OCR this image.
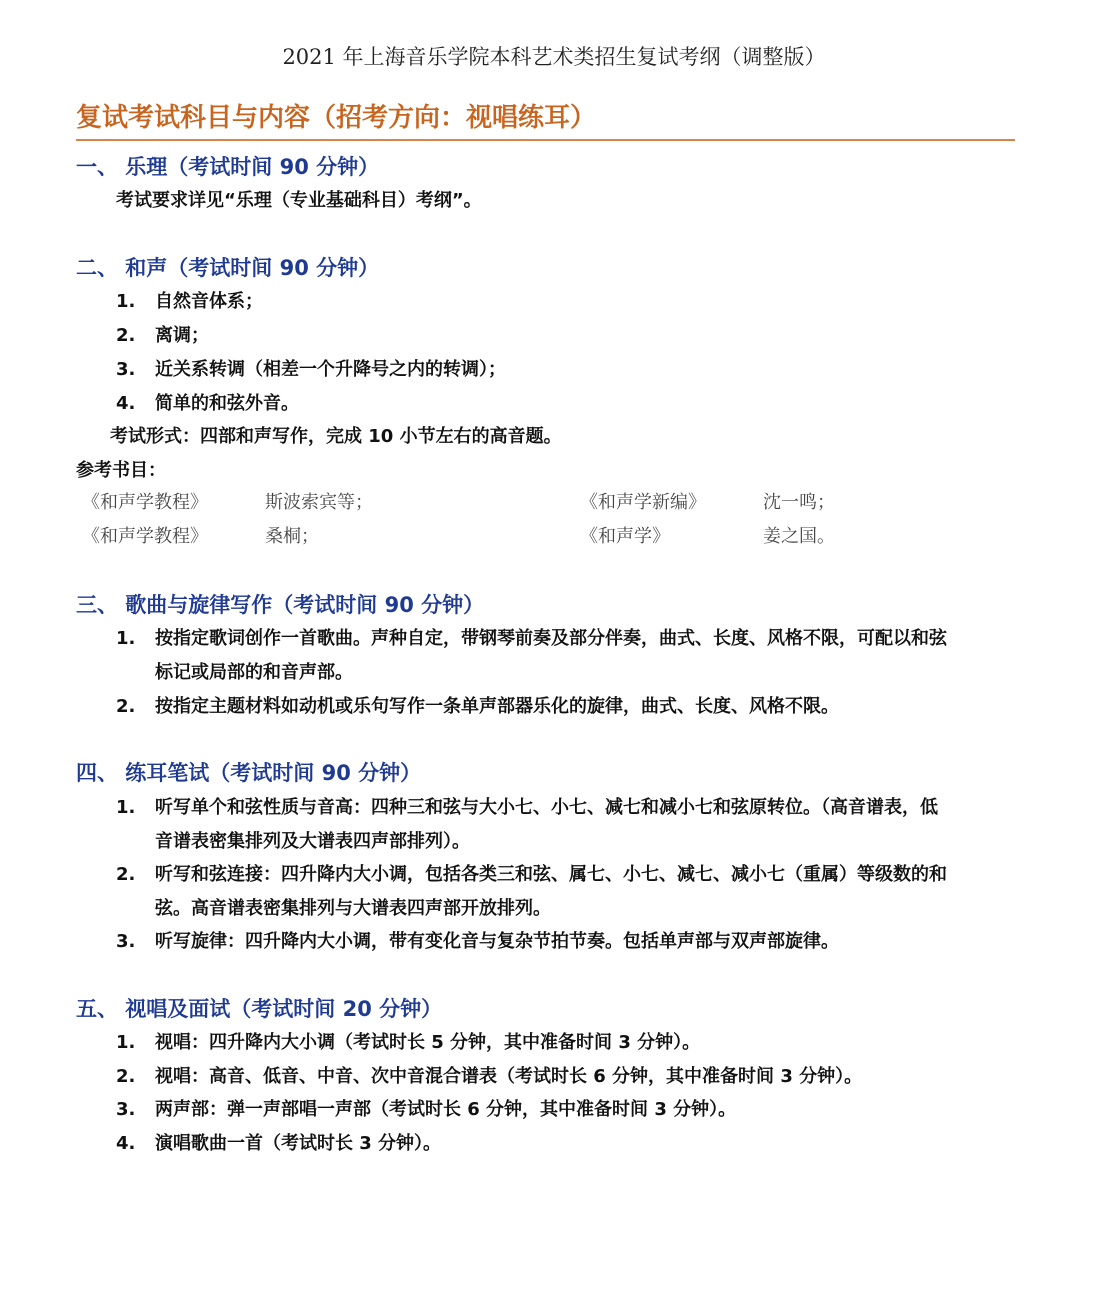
2021 年上海音乐学院本科艺术类招生复试考纲（调整版）
复试考试科目与内容（招考方向：视唱练耳）
一、 乐理（考试时间 90 分钟）
考试要求详见“乐理（专业基础科目）考纲”。
二、 和声（考试时间 90 分钟）
1. 自然音体系；
2. 离调；
3. 近关系转调（相差一个升降号之内的转调）；
4. 简单的和弦外音。
考试形式：四部和声写作，完成 10 小节左右的高音题。
参考书目：
《和声学教程》	斯波索宾等；	《和声学新编》	沈一鸣；
《和声学教程》	桑桐；	《和声学》	姜之国。
三、 歌曲与旋律写作（考试时间 90 分钟）
1. 按指定歌词创作一首歌曲。声种自定，带钢琴前奏及部分伴奏，曲式、长度、风格不限，可配以和弦
标记或局部的和音声部。
2. 按指定主题材料如动机或乐句写作一条单声部器乐化的旋律，曲式、长度、风格不限。
四、 练耳笔试（考试时间 90 分钟）
1. 听写单个和弦性质与音高：四种三和弦与大小七、小七、减七和减小七和弦原转位。（高音谱表，低
音谱表密集排列及大谱表四声部排列）。
2. 听写和弦连接：四升降内大小调，包括各类三和弦、属七、小七、减七、减小七（重属）等级数的和
弦。高音谱表密集排列与大谱表四声部开放排列。
3. 听写旋律：四升降内大小调，带有变化音与复杂节拍节奏。包括单声部与双声部旋律。
五、 视唱及面试（考试时间 20 分钟）
1. 视唱：四升降内大小调（考试时长 5 分钟，其中准备时间 3 分钟）。
2. 视唱：高音、低音、中音、次中音混合谱表（考试时长 6 分钟，其中准备时间 3 分钟）。
3. 两声部：弹一声部唱一声部（考试时长 6 分钟，其中准备时间 3 分钟）。
4. 演唱歌曲一首（考试时长 3 分钟）。
